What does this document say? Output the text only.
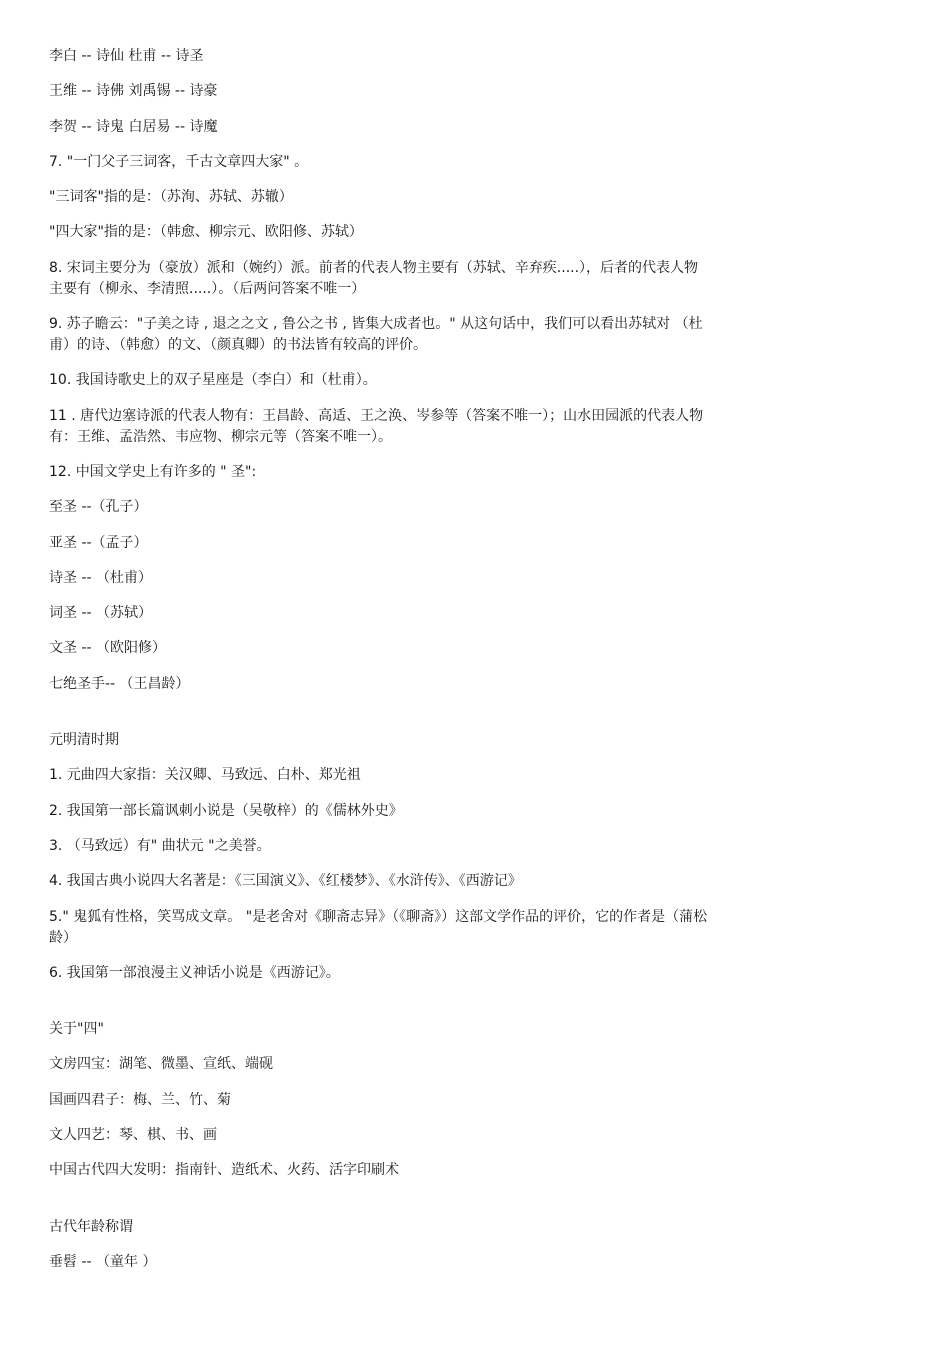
李白 -- 诗仙 杜甫 -- 诗圣

王维 -- 诗佛 刘禹锡 -- 诗豪

李贺 -- 诗鬼 白居易 -- 诗魔

7. "一门父子三词客，千古文章四大家" 。

"三词客"指的是：（苏洵、苏轼、苏辙）

"四大家"指的是：（韩愈、柳宗元、欧阳修、苏轼）

8. 宋词主要分为（豪放）派和（婉约）派。前者的代表人物主要有（苏轼、辛弃疾.....），后者的代表人物主要有（柳永、李清照.....）。（后两问答案不唯一）

9. 苏子瞻云："子美之诗 , 退之之文 , 鲁公之书 , 皆集大成者也。" 从这句话中，我们可以看出苏轼对 （杜甫）的诗、（韩愈）的文、（颜真卿）的书法皆有较高的评价。

10. 我国诗歌史上的双子星座是（李白）和（杜甫）。

11 . 唐代边塞诗派的代表人物有：王昌龄、高适、王之涣、岑参等（答案不唯一）；山水田园派的代表人物有：王维、孟浩然、韦应物、柳宗元等（答案不唯一）。

12. 中国文学史上有许多的 " 圣":

至圣 --（孔子）

亚圣 --（孟子）

诗圣 -- （杜甫）

词圣 -- （苏轼）

文圣 -- （欧阳修）

七绝圣手-- （王昌龄）

元明清时期

1. 元曲四大家指：关汉卿、马致远、白朴、郑光祖

2. 我国第一部长篇讽刺小说是（吴敬梓）的《儒林外史》

3. （马致远）有" 曲状元 "之美誉。

4. 我国古典小说四大名著是：《三国演义》、《红楼梦》、《水浒传》、《西游记》

5." 鬼狐有性格，笑骂成文章。 "是老舍对《聊斋志异》（《聊斋》）这部文学作品的评价，它的作者是（蒲松龄）

6. 我国第一部浪漫主义神话小说是《西游记》。

关于"四"

文房四宝：湖笔、微墨、宣纸、端砚

国画四君子：梅、兰、竹、菊

文人四艺：琴、棋、书、画

中国古代四大发明：指南针、造纸术、火药、活字印刷术

古代年龄称谓

垂髫 -- （童年 ）
